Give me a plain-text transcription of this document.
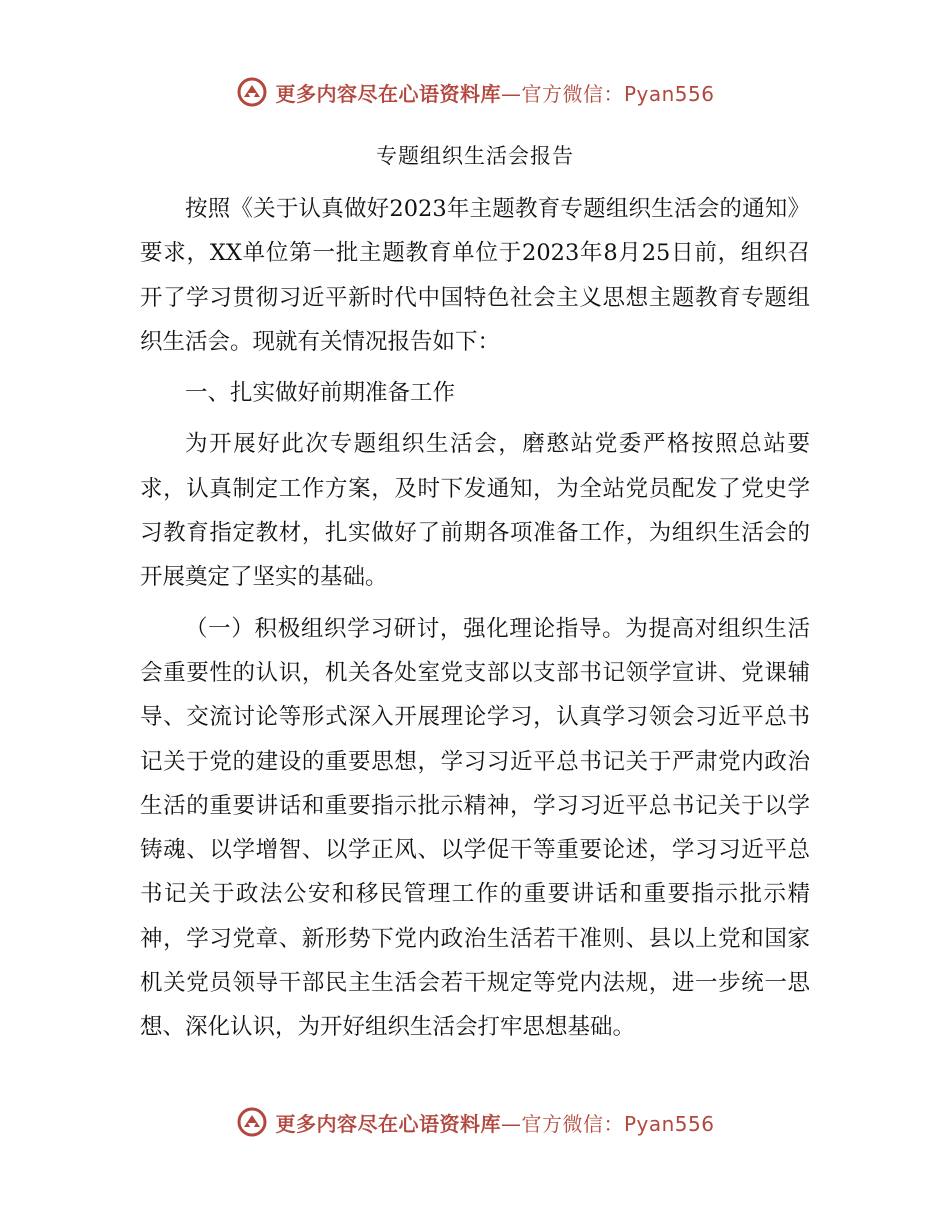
更多内容尽在心语资料库—官方微信：Pyan556
专题组织生活会报告

按照《关于认真做好2023年主题教育专题组织生活会的通知》要求，XX单位第一批主题教育单位于2023年8月25日前，组织召开了学习贯彻习近平新时代中国特色社会主义思想主题教育专题组织生活会。现就有关情况报告如下：

一、扎实做好前期准备工作

为开展好此次专题组织生活会，磨憨站党委严格按照总站要求，认真制定工作方案，及时下发通知，为全站党员配发了党史学习教育指定教材，扎实做好了前期各项准备工作，为组织生活会的开展奠定了坚实的基础。

（一）积极组织学习研讨，强化理论指导。为提高对组织生活会重要性的认识，机关各处室党支部以支部书记领学宣讲、党课辅导、交流讨论等形式深入开展理论学习，认真学习领会习近平总书记关于党的建设的重要思想，学习习近平总书记关于严肃党内政治生活的重要讲话和重要指示批示精神，学习习近平总书记关于以学铸魂、以学增智、以学正风、以学促干等重要论述，学习习近平总书记关于政法公安和移民管理工作的重要讲话和重要指示批示精神，学习党章、新形势下党内政治生活若干准则、县以上党和国家机关党员领导干部民主生活会若干规定等党内法规，进一步统一思想、深化认识，为开好组织生活会打牢思想基础。

更多内容尽在心语资料库—官方微信：Pyan556
